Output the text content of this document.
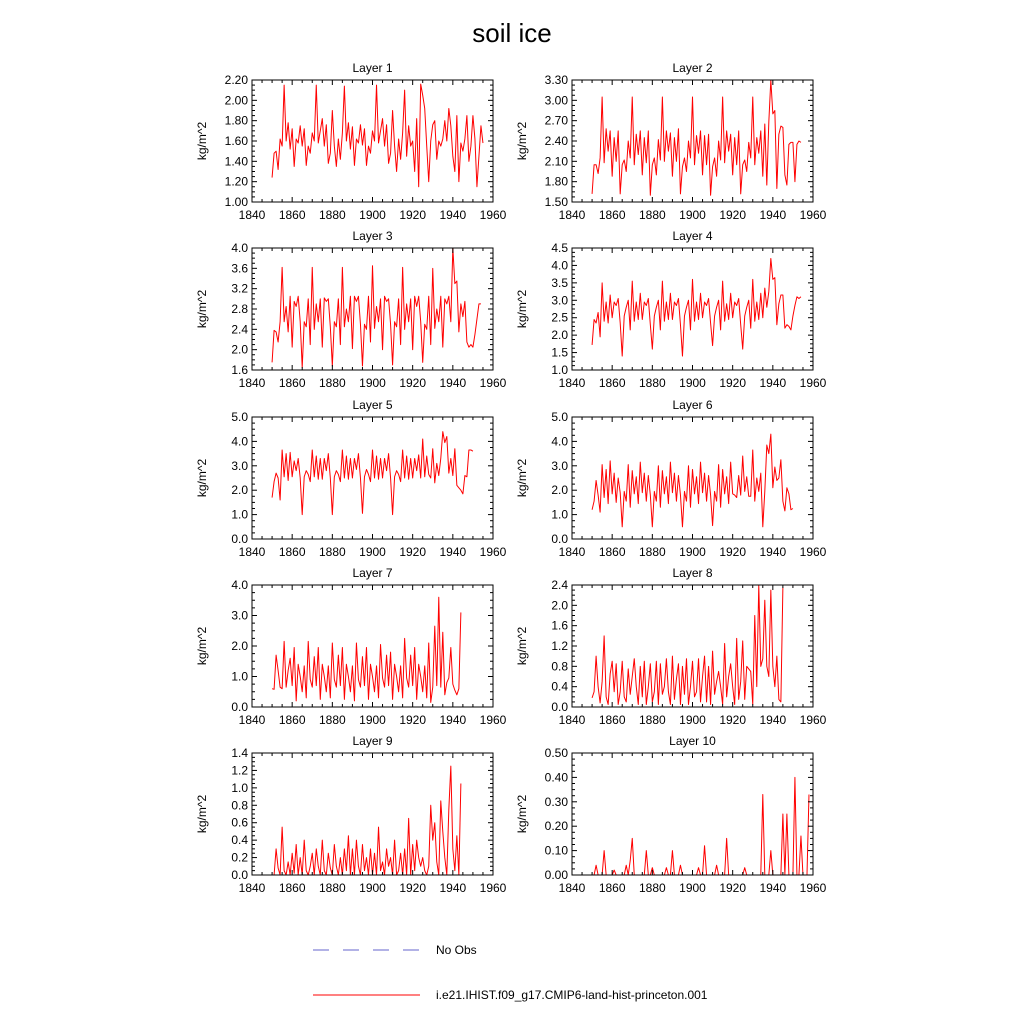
soil ice
Layer 1
1840 1860 1880 1900 1920 1940 1960
1.00
1.20
1.40
1.60
1.80
2.00
2.20
kg/m^2
Layer 2
1840 1860 1880 1900 1920 1940 1960
1.50
1.80
2.10
2.40
2.70
3.00
3.30
kg/m^2
Layer 3
1840 1860 1880 1900 1920 1940 1960
1.6
2.0
2.4
2.8
3.2
3.6
4.0
kg/m^2
Layer 4
1840 1860 1880 1900 1920 1940 1960
1.0
1.5
2.0
2.5
3.0
3.5
4.0
4.5
kg/m^2
Layer 5
1840 1860 1880 1900 1920 1940 1960
0.0
1.0
2.0
3.0
4.0
5.0
kg/m^2
Layer 6
1840 1860 1880 1900 1920 1940 1960
0.0
1.0
2.0
3.0
4.0
5.0
kg/m^2
Layer 7
1840 1860 1880 1900 1920 1940 1960
0.0
1.0
2.0
3.0
4.0
kg/m^2
Layer 8
1840 1860 1880 1900 1920 1940 1960
0.0
0.4
0.8
1.2
1.6
2.0
2.4
kg/m^2
Layer 9
1840 1860 1880 1900 1920 1940 1960
0.0
0.2
0.4
0.6
0.8
1.0
1.2
1.4
kg/m^2
Layer 10
1840 1860 1880 1900 1920 1940 1960
0.00
0.10
0.20
0.30
0.40
0.50
kg/m^2
No Obs
i.e21.IHIST.f09_g17.CMIP6-land-hist-princeton.001
